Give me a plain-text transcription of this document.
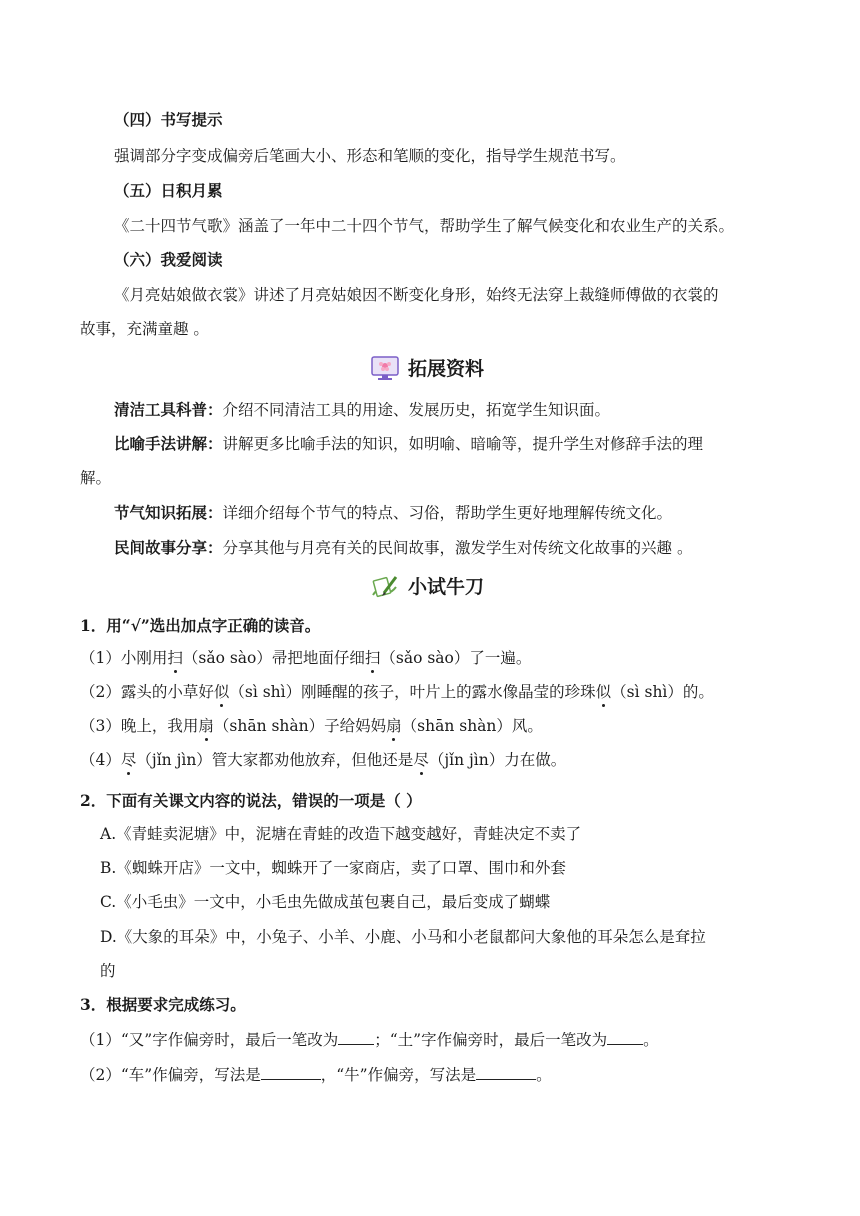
（四）书写提示
强调部分字变成偏旁后笔画大小、形态和笔顺的变化，指导学生规范书写。
（五）日积月累
《二十四节气歌》涵盖了一年中二十四个节气，帮助学生了解气候变化和农业生产的关系。
（六）我爱阅读
《月亮姑娘做衣裳》讲述了月亮姑娘因不断变化身形，始终无法穿上裁缝师傅做的衣裳的
故事，充满童趣 。
拓展资料
清洁工具科普：介绍不同清洁工具的用途、发展历史，拓宽学生知识面。
比喻手法讲解：讲解更多比喻手法的知识，如明喻、暗喻等，提升学生对修辞手法的理
解。
节气知识拓展：详细介绍每个节气的特点、习俗，帮助学生更好地理解传统文化。
民间故事分享：分享其他与月亮有关的民间故事，激发学生对传统文化故事的兴趣 。
小试牛刀
1．用“√”选出加点字正确的读音。
（1）小刚用扫（sǎo sào）帚把地面仔细扫（sǎo sào）了一遍。
（2）露头的小草好似（sì shì）刚睡醒的孩子，叶片上的露水像晶莹的珍珠似（sì shì）的。
（3）晚上，我用扇（shān shàn）子给妈妈扇（shān shàn）风。
（4）尽（jǐn jìn）管大家都劝他放弃，但他还是尽（jǐn jìn）力在做。
2．下面有关课文内容的说法，错误的一项是（ ）
A.《青蛙卖泥塘》中，泥塘在青蛙的改造下越变越好，青蛙决定不卖了
B.《蜘蛛开店》一文中，蜘蛛开了一家商店，卖了口罩、围巾和外套
C.《小毛虫》一文中，小毛虫先做成茧包裹自己，最后变成了蝴蝶
D.《大象的耳朵》中，小兔子、小羊、小鹿、小马和小老鼠都问大象他的耳朵怎么是耷拉
的
3．根据要求完成练习。
（1）“又”字作偏旁时，最后一笔改为 ；“土”字作偏旁时，最后一笔改为 。
（2）“车”作偏旁，写法是	，“牛”作偏旁，写法是	。
